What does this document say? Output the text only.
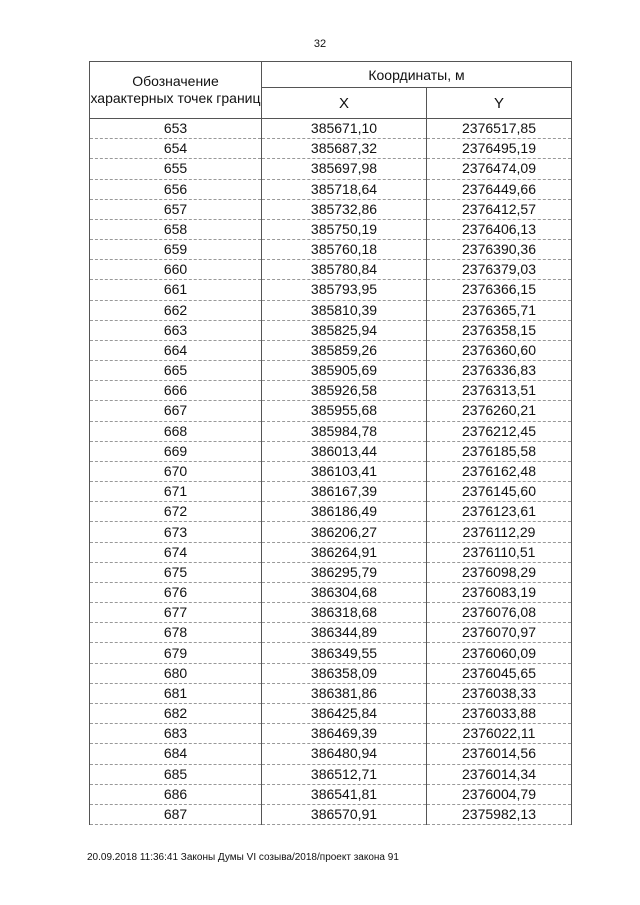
32
Обозначение характерных точек границ	Координаты, м	
	X	Y
653	385671,10	2376517,85
654	385687,32	2376495,19
655	385697,98	2376474,09
656	385718,64	2376449,66
657	385732,86	2376412,57
658	385750,19	2376406,13
659	385760,18	2376390,36
660	385780,84	2376379,03
661	385793,95	2376366,15
662	385810,39	2376365,71
663	385825,94	2376358,15
664	385859,26	2376360,60
665	385905,69	2376336,83
666	385926,58	2376313,51
667	385955,68	2376260,21
668	385984,78	2376212,45
669	386013,44	2376185,58
670	386103,41	2376162,48
671	386167,39	2376145,60
672	386186,49	2376123,61
673	386206,27	2376112,29
674	386264,91	2376110,51
675	386295,79	2376098,29
676	386304,68	2376083,19
677	386318,68	2376076,08
678	386344,89	2376070,97
679	386349,55	2376060,09
680	386358,09	2376045,65
681	386381,86	2376038,33
682	386425,84	2376033,88
683	386469,39	2376022,11
684	386480,94	2376014,56
685	386512,71	2376014,34
686	386541,81	2376004,79
687	386570,91	2375982,13
20.09.2018 11:36:41 Законы Думы VI созыва/2018/проект закона 91
